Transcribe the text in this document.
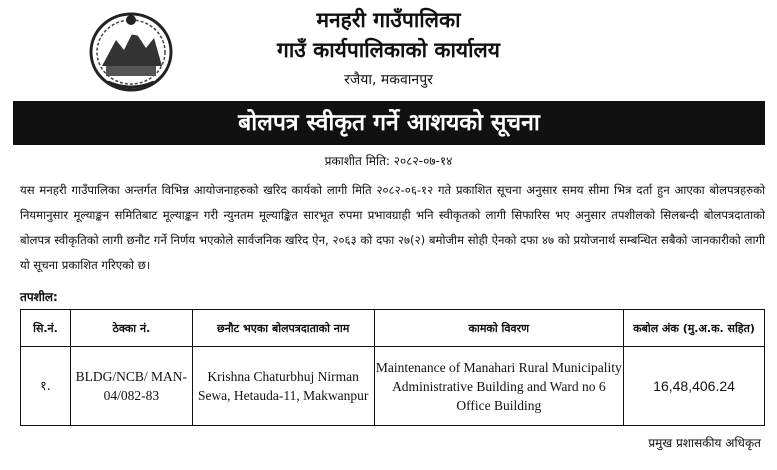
मनहरी गाउँपालिका
गाउँ कार्यपालिकाको कार्यालय
रजैया, मकवानपुर
बोलपत्र स्वीकृत गर्ने आशयको सूचना
प्रकाशीत मिति: २०८२-०७-१४

यस मनहरी गाउँपालिका अन्तर्गत विभिन्न आयोजनाहरुको खरिद कार्यको लागी मिति २०८२-०६-१२ गते प्रकाशित सूचना अनुसार समय सीमा भित्र दर्ता हुन आएका बोलपत्रहरुको नियमानुसार मूल्याङ्कन समितिबाट मूल्याङ्कन गरी न्युनतम मूल्याङ्कित सारभूत रुपमा प्रभावग्राही भनि स्वीकृतको लागी सिफारिस भए अनुसार तपशीलको सिलबन्दी बोलपत्रदाताको बोलपत्र स्वीकृतिको लागी छनौट गर्ने निर्णय भएकोले सार्वजनिक खरिद ऐन, २०६३ को दफा २७(२) बमोजीम सोही ऐनको दफा ४७ को प्रयोजनार्थ सम्बन्धित सबैको जानकारीको लागी यो सूचना प्रकाशित गरिएको छ।

तपशील:
सि.नं.	ठेक्का नं.	छनौट भएका बोलपत्रदाताको नाम	कामको विवरण	कबोल अंक (मु.अ.क. सहित)
१.	BLDG/NCB/ MAN-04/082-83	Krishna Chaturbhuj Nirman Sewa, Hetauda-11, Makwanpur	Maintenance of Manahari Rural Municipality Administrative Building and Ward no 6 Office Building	16,48,406.24
प्रमुख प्रशासकीय अधिकृत
